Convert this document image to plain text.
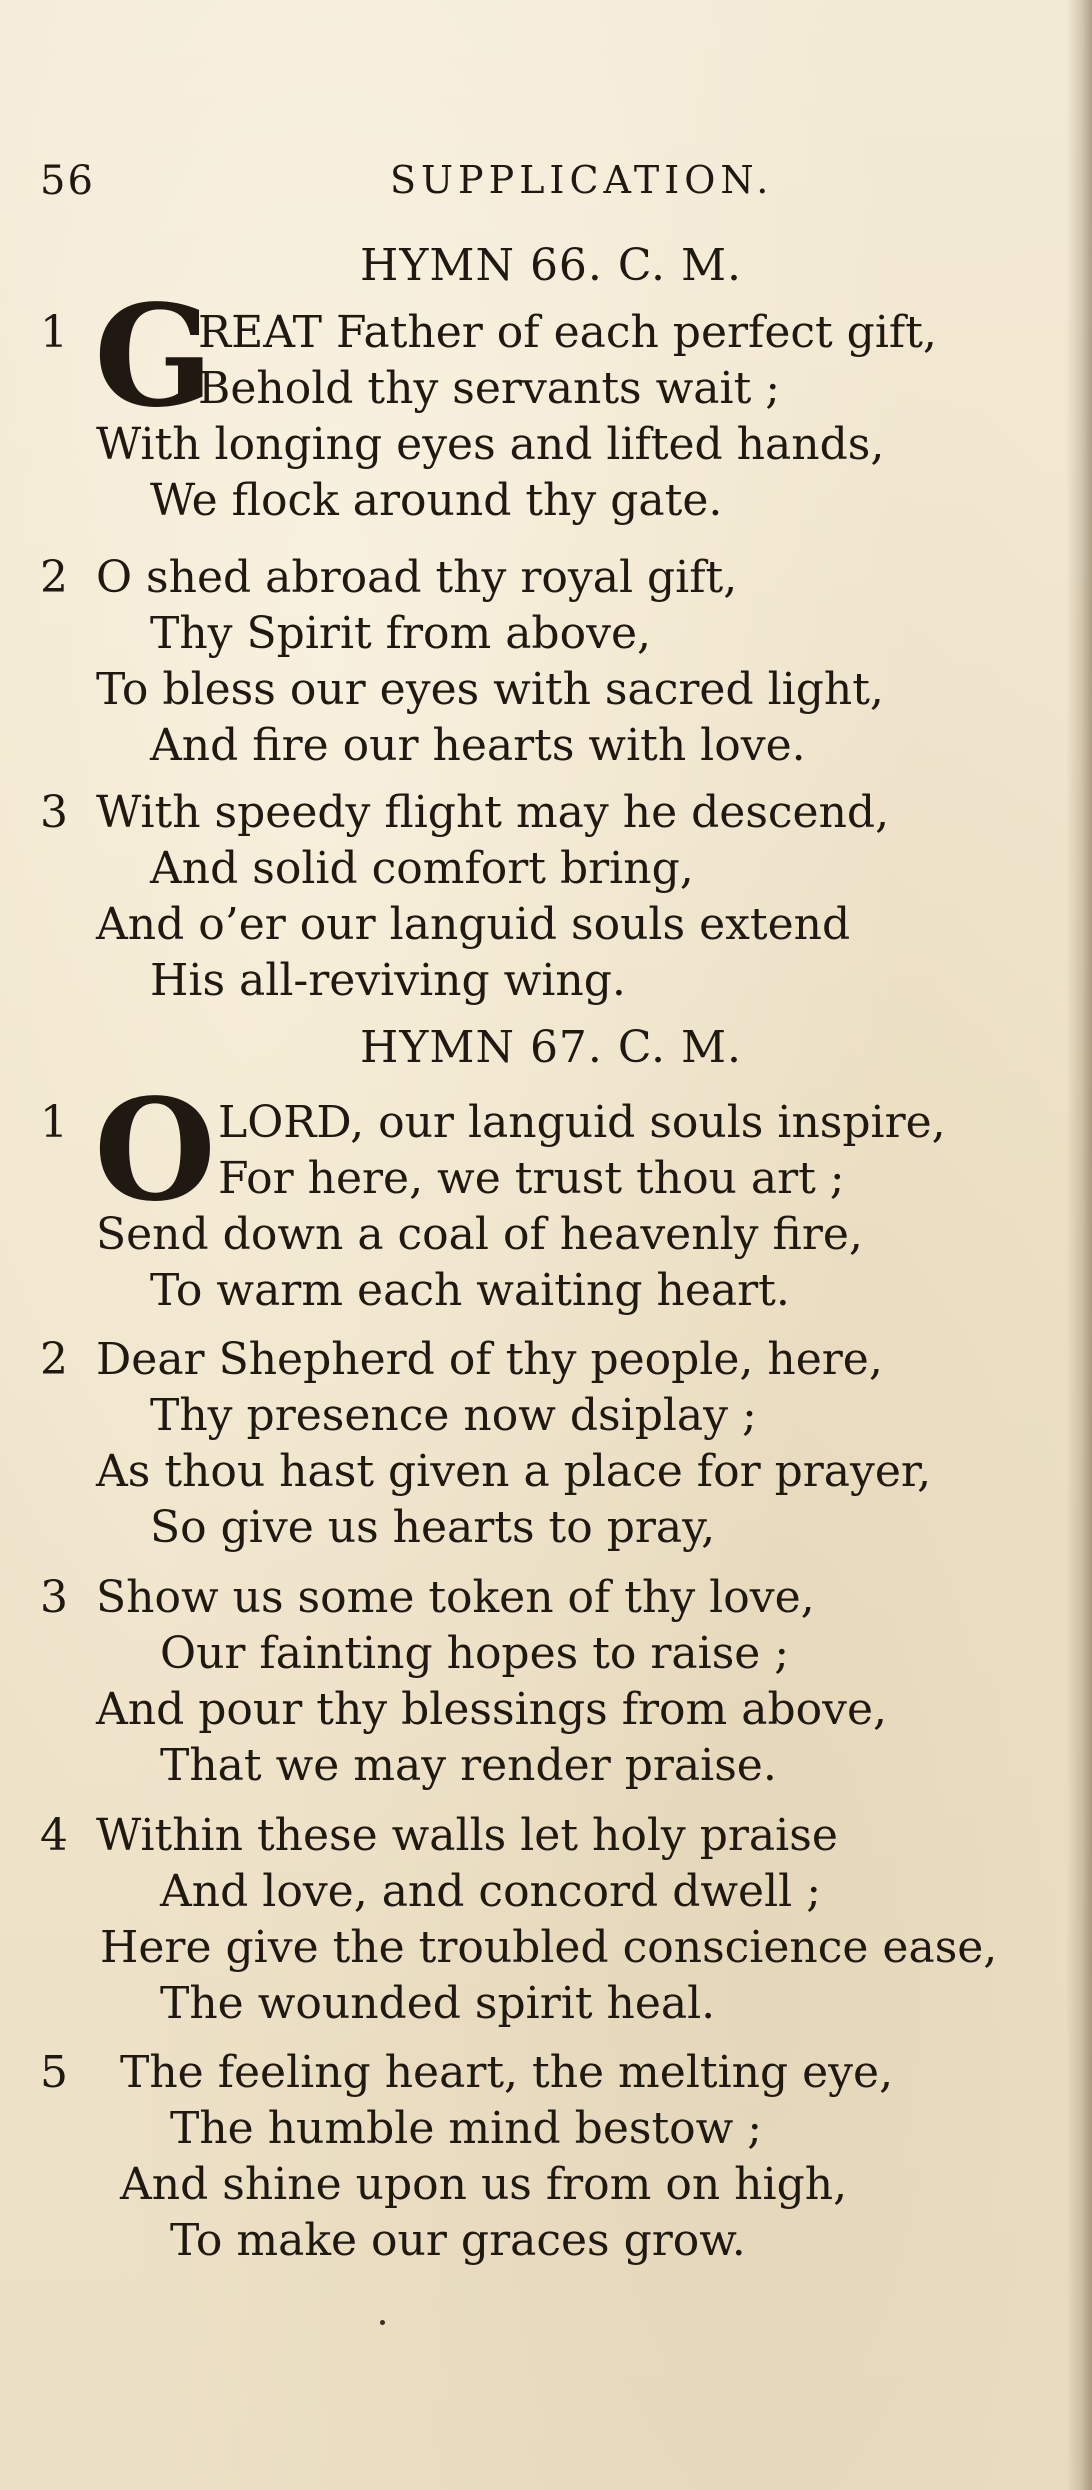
56	SUPPLICATION.
HYMN 66. C. M.
1 G
REAT Father of each perfect gift,
Behold thy servants wait ;
With longing eyes and lifted hands,
We flock around thy gate.
2 O shed abroad thy royal gift,
Thy Spirit from above,
To bless our eyes with sacred light,
And fire our hearts with love.
3 With speedy flight may he descend,
And solid comfort bring,
And o’er our languid souls extend
His all-reviving wing.
HYMN 67. C. M.
1 O LORD, our languid souls inspire,
For here, we trust thou art ;
Send down a coal of heavenly fire,
To warm each waiting heart.
2 Dear Shepherd of thy people, here,
Thy presence now dsiplay ;
As thou hast given a place for prayer,
So give us hearts to pray,
3 Show us some token of thy love,
Our fainting hopes to raise ;
And pour thy blessings from above,
That we may render praise.
4 Within these walls let holy praise
And love, and concord dwell ;
Here give the troubled conscience ease,
The wounded spirit heal.
5 The feeling heart, the melting eye,
The humble mind bestow ;
And shine upon us from on high,
To make our graces grow.
